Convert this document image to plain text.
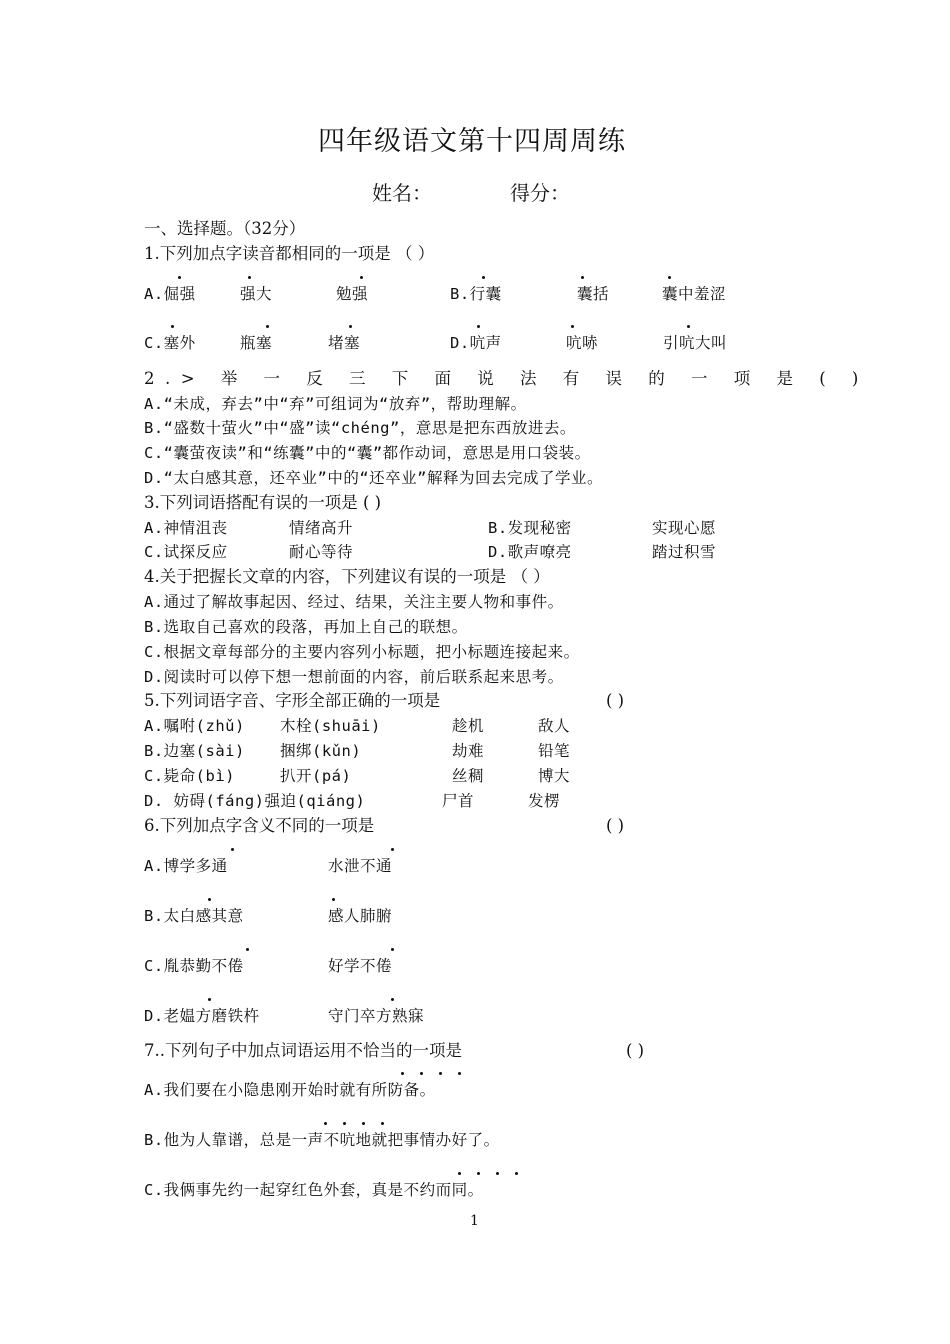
四年级语文第十四周周练
姓名：	得分：
一、选择题。（32分）
1.下列加点字读音都相同的一项是 （ ）
A.倔强	强大	勉强	B.行囊	囊括	囊中羞涩
C.塞外	瓶塞	堵塞	D.吭声	吭哧	引吭大叫
2.> 举 一 反 三 下 面 说 法 有 误 的 一 项 是 ( )
A.“未成，弃去”中“弃”可组词为“放弃”，帮助理解。
B.“盛数十萤火”中“盛”读“chéng”，意思是把东西放进去。
C.“囊萤夜读”和“练囊”中的“囊”都作动词，意思是用口袋装。
D.“太白感其意，还卒业”中的“还卒业”解释为回去完成了学业。
3.下列词语搭配有误的一项是 ( )
A.神情沮丧	情绪高升	B.发现秘密	实现心愿
C.试探反应	耐心等待	D.歌声嘹亮	踏过积雪
4.关于把握长文章的内容，下列建议有误的一项是 （ ）
A.通过了解故事起因、经过、结果，关注主要人物和事件。
B.选取自己喜欢的段落，再加上自己的联想。
C.根据文章每部分的主要内容列小标题，把小标题连接起来。
D.阅读时可以停下想一想前面的内容，前后联系起来思考。
5.下列词语字音、字形全部正确的一项是	( )
A.嘱咐(zhǔ) 木栓(shuāi)	趁机	敌人
B.边塞(sài) 捆绑(kǔn)	劫难	铅笔
C.毙命(bì)	扒开(pá)	丝稠	博大
D. 妨碍(fáng)强迫(qiáng)	尸首	发楞
6.下列加点字含义不同的一项是	( )
A.博学多通	水泄不通
B.太白感其意	感人肺腑
C.胤恭勤不倦	好学不倦
D.老媪方磨铁杵	守门卒方熟寐
7..下列句子中加点词语运用不恰当的一项是	( )
A.我们要在小隐患刚开始时就有所防备。
B.他为人靠谱，总是一声不吭地就把事情办好了。
C.我俩事先约一起穿红色外套，真是不约而同。
1
